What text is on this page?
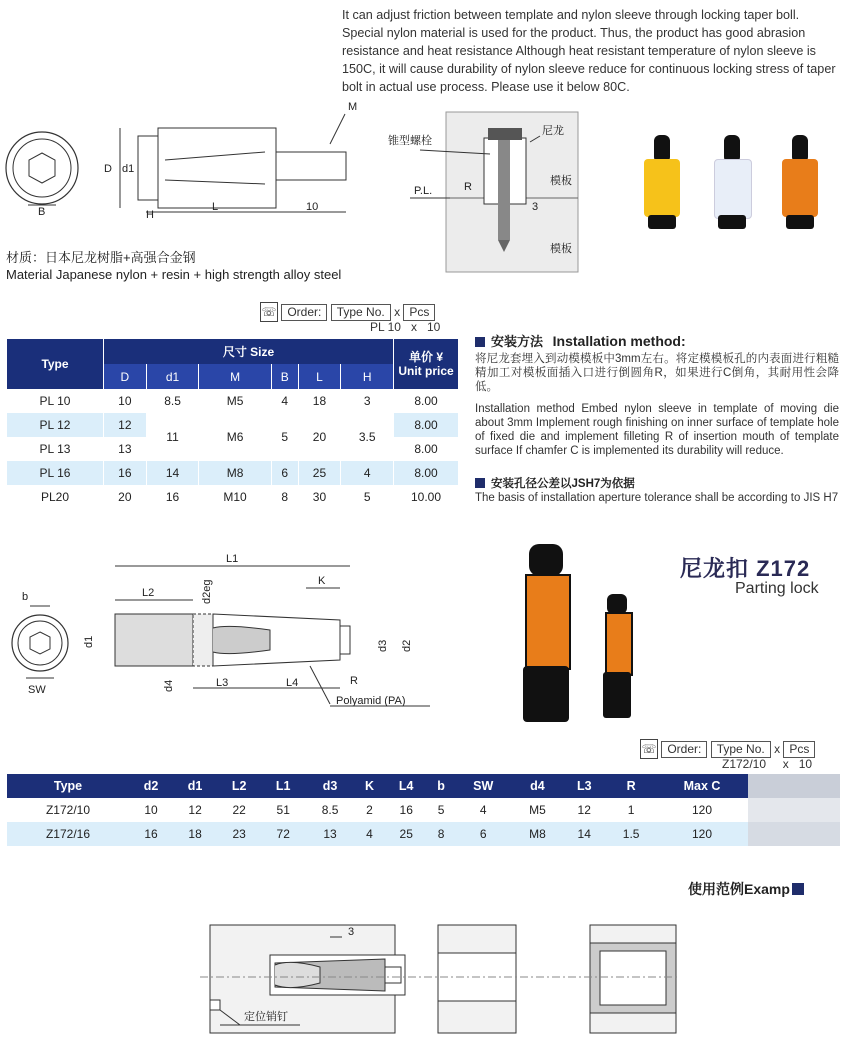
It can adjust friction between template and nylon sleeve through locking taper boll. Special nylon material is used for the product. Thus, the product has good abrasion resistance and heat resistance Although heat resistant temperature of nylon sleeve is 150C, it will cause durability of nylon sleeve reduce for continuous locking stress of taper bolt in actual use process. Please use it below 80C.
B
D d1
H
L	10
M
锥型螺栓
尼龙
模板
模板
P.L.	R
3
材质：日本尼龙树脂+高强合金钢
Material Japanese nylon + resin + high strength alloy steel
☏ Order: Type No. x Pcs
PL 10 x 10
Type	尺寸 Size						单价 ¥
Unit price

	D	d1	M	B	L	H	
PL 10	10	8.5	M5	4	18	3	8.00
PL 12	12	11	M6	5	20	3.5	8.00
PL 13	13						8.00
PL 16	16	14	M8	6	25	4	8.00
PL20	20	16	M10	8	30	5	10.00
安装方法 Installation method:
将尼龙套埋入到动模模板中3mm左右。将定模模板孔的内表面进行粗糙精加工对模板面插入口进行倒圆角R，如果进行C倒角，其耐用性会降低。
Installation method Embed nylon sleeve in template of moving die about 3mm Implement rough finishing on inner surface of template hole of fixed die and implement filleting R of insertion mouth of template surface If chamfer C is implemented its durability will reduce.
安装孔径公差以JSH7为依据
The basis of installation aperture tolerance shall be according to JIS H7
b
SW
L1
L2	d2eg	K
d1	d3 d2
d4	L3	L4	R
Polyamid (PA)
尼龙扣 Z172
Parting lock
☏ Order: Type No. x Pcs
Z172/10 x 10
Type	d2	d1	L2	L1	d3	K	L4	b	SW	d4	L3	R	Max C	
Z172/10	10	12	22	51	8.5	2	16	5	4	M5	12	1	120	
Z172/16	16	18	23	72	13	4	25	8	6	M8	14	1.5	120	
使用范例Examp
3
定位销钉
